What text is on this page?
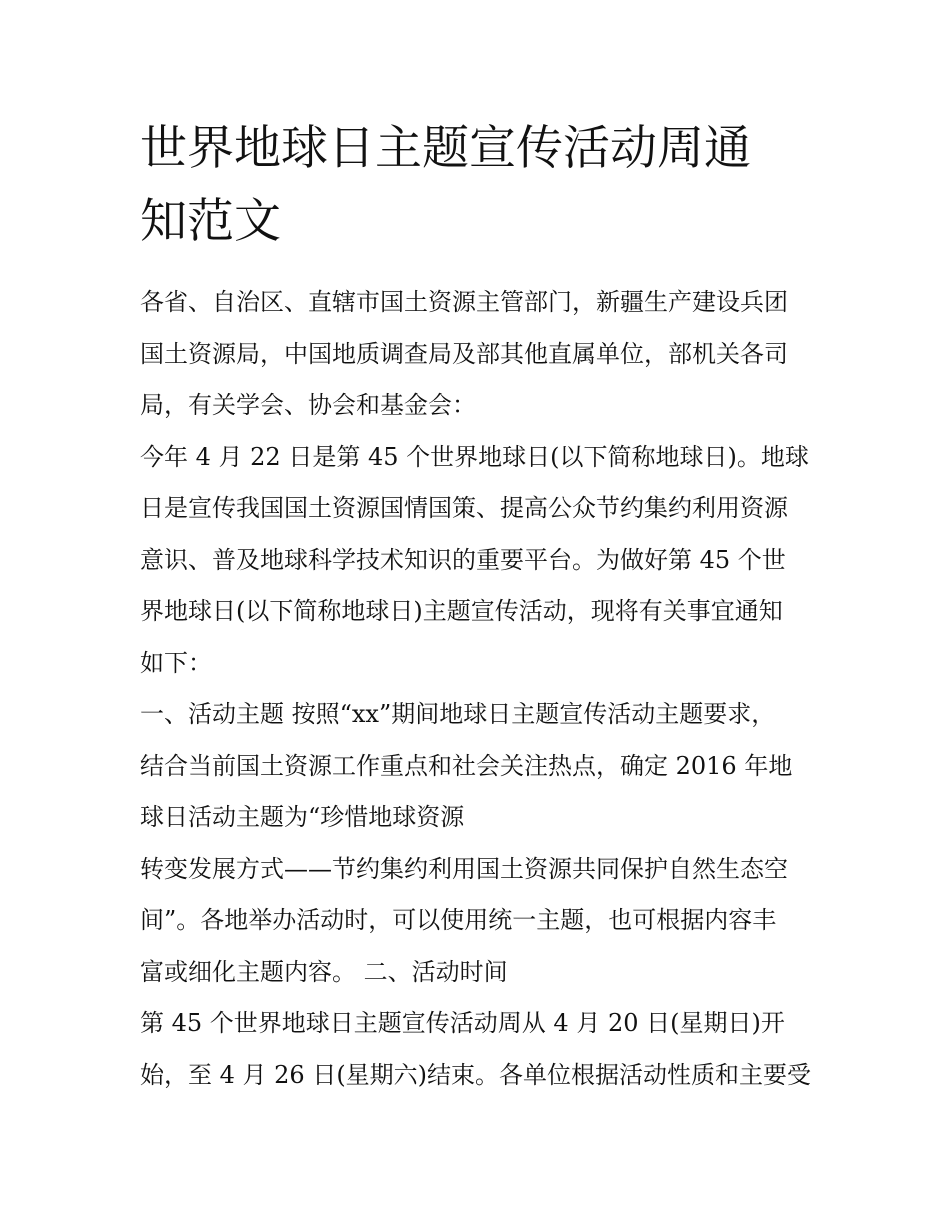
世界地球日主题宣传活动周通
知范文
各省、自治区、直辖市国土资源主管部门，新疆生产建设兵团
国土资源局，中国地质调查局及部其他直属单位，部机关各司
局，有关学会、协会和基金会：
今年 4 月 22 日是第 45 个世界地球日(以下简称地球日)。地球
日是宣传我国国土资源国情国策、提高公众节约集约利用资源
意识、普及地球科学技术知识的重要平台。为做好第 45 个世
界地球日(以下简称地球日)主题宣传活动，现将有关事宜通知
如下：
一、活动主题 按照“xx”期间地球日主题宣传活动主题要求，
结合当前国土资源工作重点和社会关注热点，确定 2016 年地
球日活动主题为“珍惜地球资源
转变发展方式——节约集约利用国土资源共同保护自然生态空
间”。各地举办活动时，可以使用统一主题，也可根据内容丰
富或细化主题内容。 二、活动时间
第 45 个世界地球日主题宣传活动周从 4 月 20 日(星期日)开
始，至 4 月 26 日(星期六)结束。各单位根据活动性质和主要受
